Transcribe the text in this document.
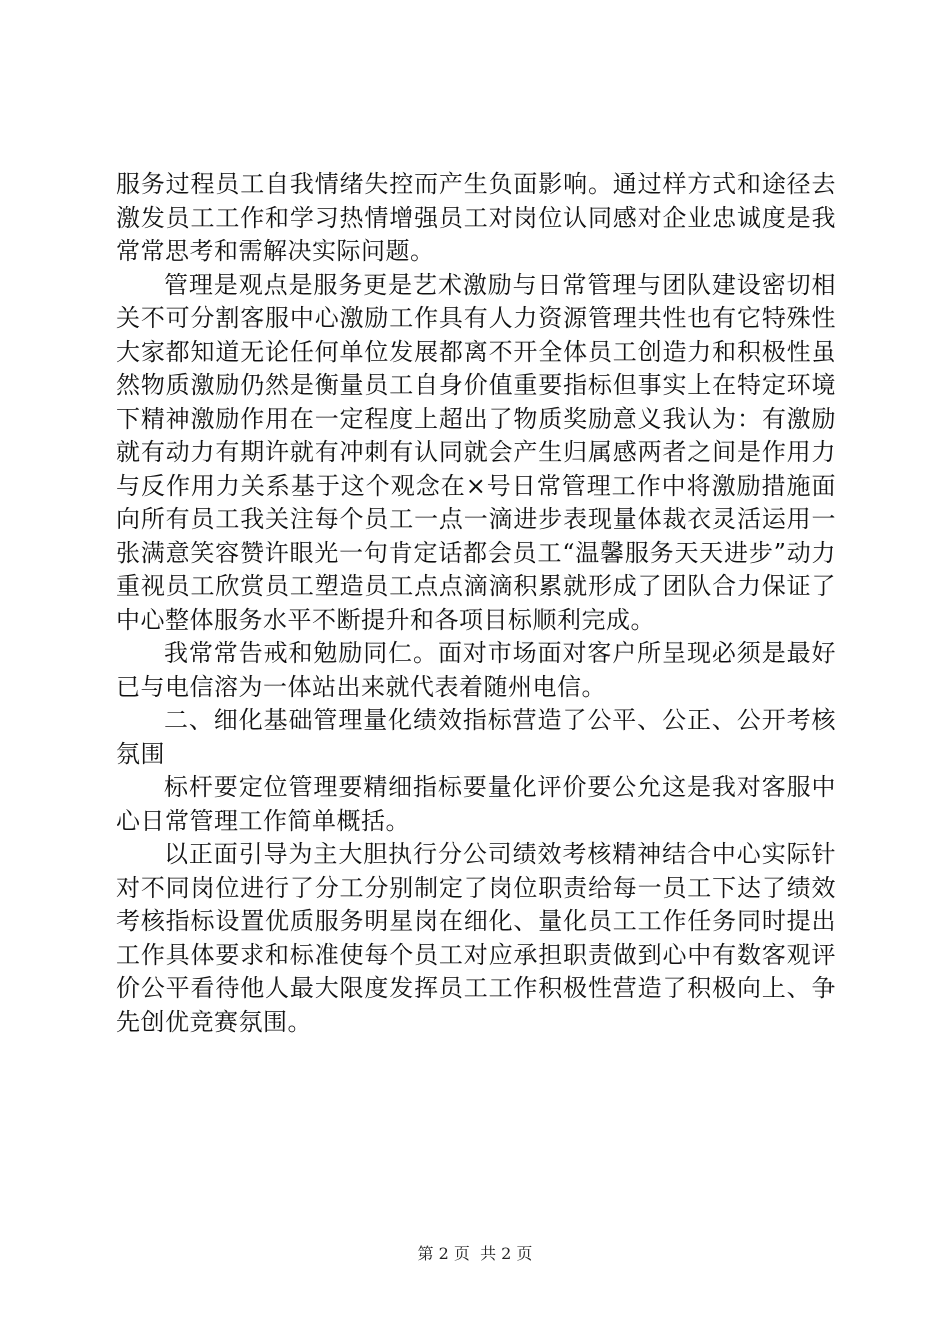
服务过程员工自我情绪失控而产生负面影响。通过样方式和途径去激发员工工作和学习热情增强员工对岗位认同感对企业忠诚度是我常常思考和需解决实际问题。

管理是观点是服务更是艺术激励与日常管理与团队建设密切相关不可分割客服中心激励工作具有人力资源管理共性也有它特殊性大家都知道无论任何单位发展都离不开全体员工创造力和积极性虽然物质激励仍然是衡量员工自身价值重要指标但事实上在特定环境下精神激励作用在一定程度上超出了物质奖励意义我认为：有激励就有动力有期许就有冲刺有认同就会产生归属感两者之间是作用力与反作用力关系基于这个观念在×号日常管理工作中将激励措施面向所有员工我关注每个员工一点一滴进步表现量体裁衣灵活运用一张满意笑容赞许眼光一句肯定话都会员工“温馨服务天天进步”动力重视员工欣赏员工塑造员工点点滴滴积累就形成了团队合力保证了中心整体服务水平不断提升和各项目标顺利完成。

我常常告戒和勉励同仁。面对市场面对客户所呈现必须是最好已与电信溶为一体站出来就代表着随州电信。

二、细化基础管理量化绩效指标营造了公平、公正、公开考核氛围

标杆要定位管理要精细指标要量化评价要公允这是我对客服中心日常管理工作简单概括。

以正面引导为主大胆执行分公司绩效考核精神结合中心实际针对不同岗位进行了分工分别制定了岗位职责给每一员工下达了绩效考核指标设置优质服务明星岗在细化、量化员工工作任务同时提出工作具体要求和标准使每个员工对应承担职责做到心中有数客观评价公平看待他人最大限度发挥员工工作积极性营造了积极向上、争先创优竞赛氛围。

第 2 页  共 2 页
